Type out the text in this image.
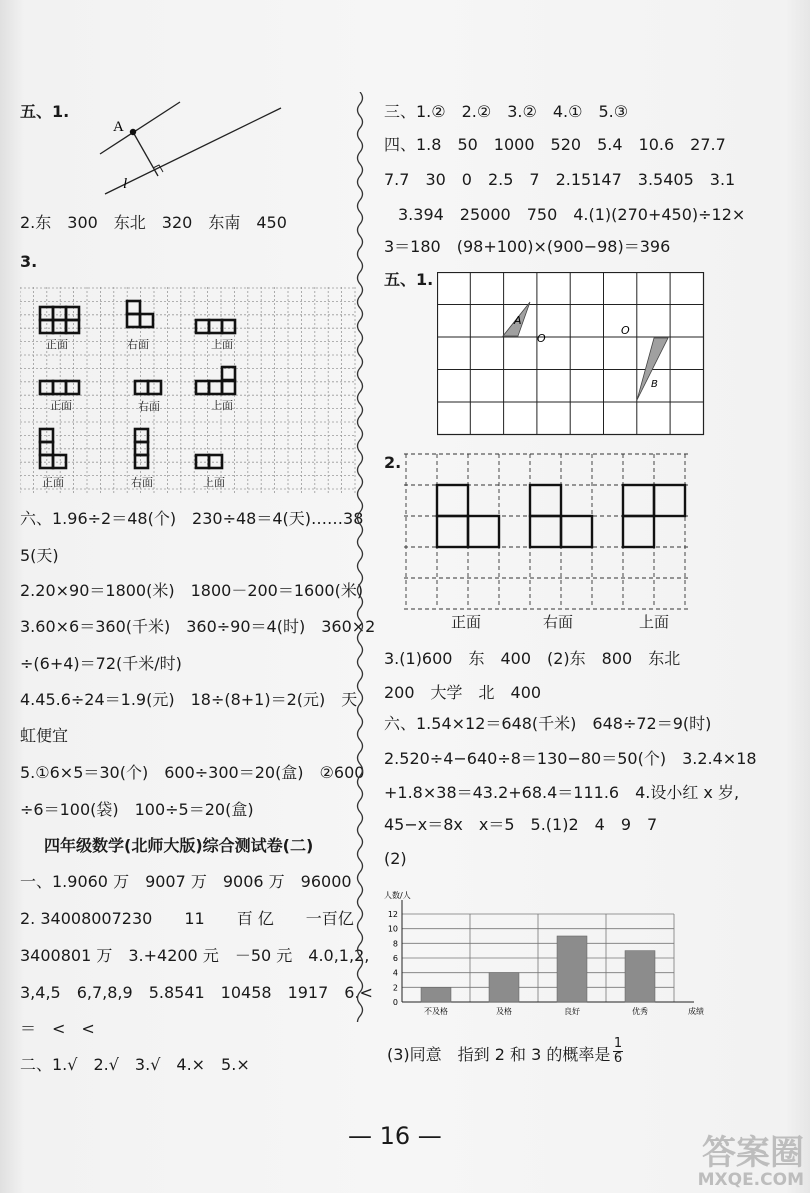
五、1.
A
l
2.东　300　东北　320　东南　450
3.
正面	右面	上面
正面	右面	上面
正面	右面	上面
六、1.96÷2＝48(个)　230÷48＝4(天)……38
5(天)
2.20×90＝1800(米)　1800－200＝1600(米)
3.60×6＝360(千米)　360÷90＝4(时)　360×2
÷(6+4)＝72(千米/时)
4.45.6÷24＝1.9(元)　18÷(8+1)＝2(元)　天
虹便宜
5.①6×5＝30(个)　600÷300＝20(盒)　②600
÷6＝100(袋)　100÷5＝20(盒)
四年级数学(北师大版)综合测试卷(二)
一、1.9060 万　9007 万　9006 万　96000
2. 34008007230　　11　　百 亿　　一百亿
3400801 万　3.+4200 元　－50 元　4.0,1,2,
3,4,5　6,7,8,9　5.8541　10458　1917　6.<
＝　<　<
二、1.√　2.√　3.√　4.×　5.×
三、1.②　2.②　3.②　4.①　5.③
四、1.8　50　1000　520　5.4　10.6　27.7
7.7　30　0　2.5　7　2.15147　3.5405　3.1
3.394　25000　750　4.(1)(270+450)÷12×
3＝180　(98+100)×(900−98)＝396
五、1.
A
O
O
B
2.
正面	右面	上面
3.(1)600　东　400　(2)东　800　东北
200　大学　北　400
六、1.54×12＝648(千米)　648÷72＝9(时)
2.520÷4−640÷8＝130−80＝50(个)　3.2.4×18
+1.8×38＝43.2+68.4＝111.6　4.设小红 x 岁,
45−x＝8x　x＝5　5.(1)2　4　9　7
(2)
0
2
4
6
8
10
12
不及格	及格	良好	优秀
人数/人
成绩
(3)同意　指到 2 和 3 的概率是
1
6
— 16 —	答案圈
MXQE.COM
